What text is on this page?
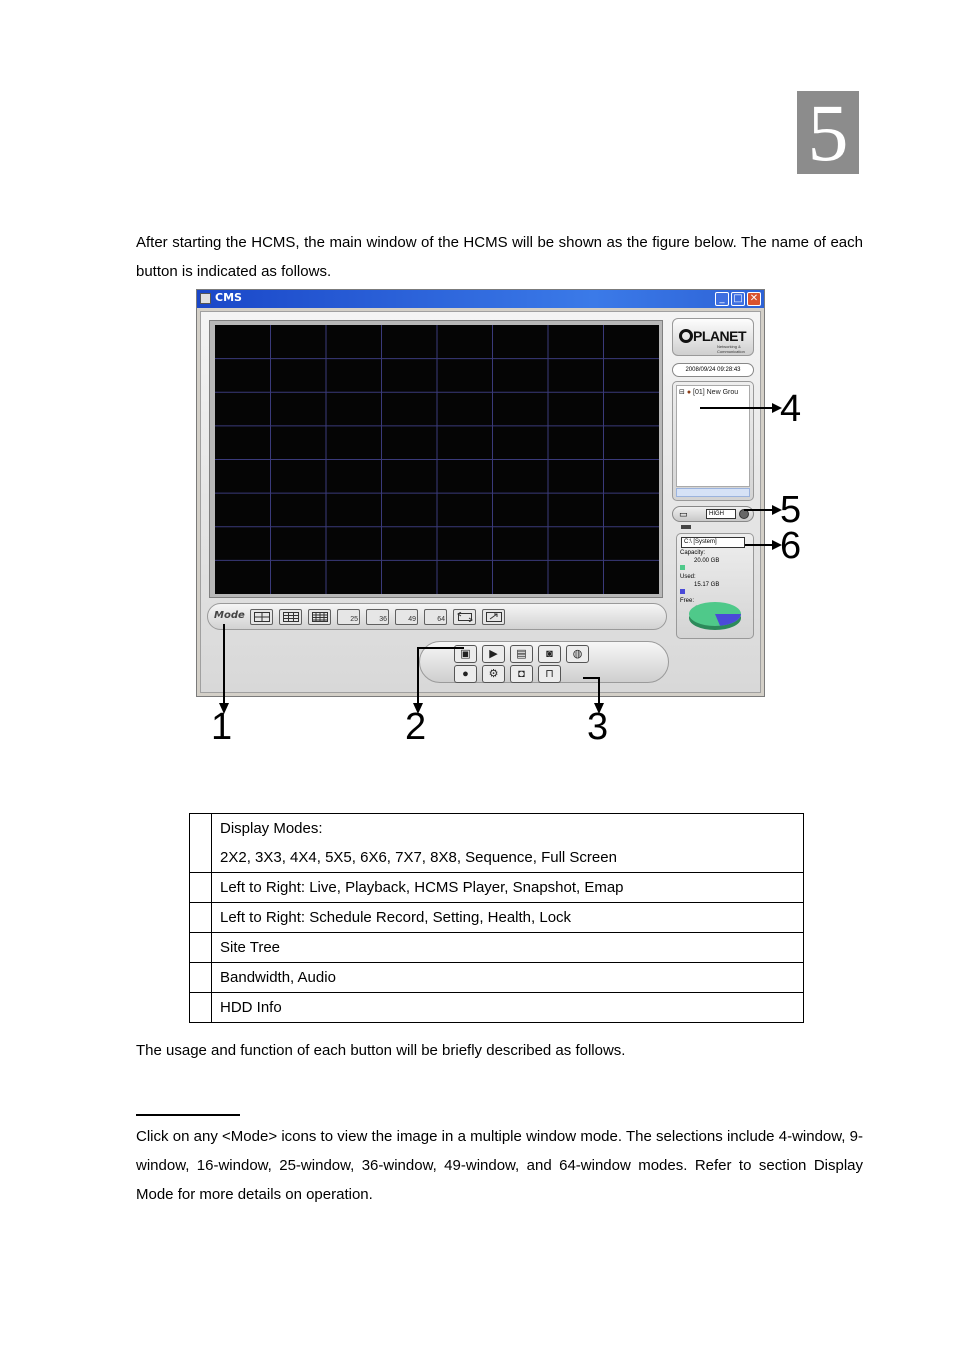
5
After starting the HCMS, the main window of the HCMS will be shown as the figure below. The name of each button is indicated as follows.
CMS	_ □ ✕
Mode	25	36	49	64
▣	▶	▤	◙	◍
●	⚙	◘	⊓
PLANET
Networking & Communication
2008/09/24 09:28:43
⊟ ● [01] New Grou
▭	HIGH
C:\ [System]
Capacity:
20.00 GB
Used:
15.17 GB
Free:
1	2	3
4
5
6

	Display Modes:
2X2, 3X3, 4X4, 5X5, 6X6, 7X7, 8X8, Sequence, Full Screen

	Left to Right: Live, Playback, HCMS Player, Snapshot, Emap
	Left to Right: Schedule Record, Setting, Health, Lock
	Site Tree
	Bandwidth, Audio
	HDD Info
The usage and function of each button will be briefly described as follows.
Click on any <Mode> icons to view the image in a multiple window mode. The selections include 4-window, 9-window, 16-window, 25-window, 36-window, 49-window, and 64-window modes. Refer to section Display Mode for more details on operation.
